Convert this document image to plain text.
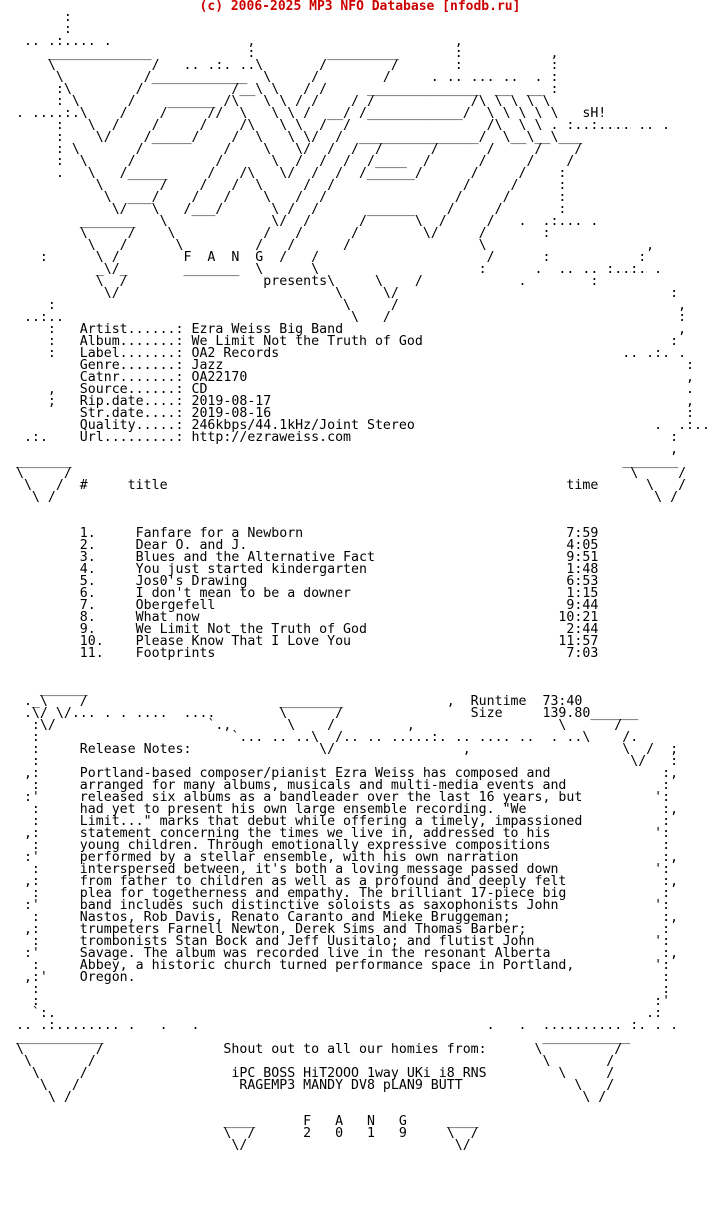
(c) 2006-2025 MP3 NFO Database [nfodb.ru]
:
:
.. .:.... .                 ,                         ,
_____________            :         _________       :           ,
\            /   .. .:. ..\       /        /       :           :
\          /____________  \     /        /     . .. ... ..  . :
:\        /           /__\ \   / /     ______________  __  __ :
: \      /    ______ /\   \ \ / /    / /            /\ \ \ \ \
. ....:.\    /    /     //  \   \ \ /  __/ /____________/  \ \ \ \ \   sH!
:   \  /    /     /    /\   \ \  /  /                 /\  \ \ . :..:.... .. .
:    \/    /_____/    /  \   \ \/  /  _______________/  \__\__\___
: \       /          /    \   \/  /  /  /      /      /     /    /
:  \     /          /      \  /  /  /  /____  /      /     /    /
.   \   /_____     /   /\   \/  /  /  /______/      /     /    :
\       /    /   /  \     /  /                /     /     :
\  ___/    /   /    \   /  /                /     /      :
\/   \   /___/      \ /  /      ______    /     /       :
_______   \             \/  /      /      \  /     /   .  .:... .
\     /    \           /   /      /        \/     /       :
\   /      \         /   /      /                \                    ,
:      \ /        F  A  N  G  /   /                     /      :           :
_\/_       _______  \      \                    :      .  .. .. :..:. .
\  /                 presents\     \    /            .        :
\/                           \     \/                                  :
:                                    \     /                                   ,
..:..                                    \   /                                    :
:   Artist......: Ezra Weiss Big Band                                          ,
:   Album.......: We Limit Not the Truth of God                               :
:   Label.......: OA2 Records                                           .. .:. .
Genre.......: Jazz                                                          :
Catnr.......: OA22170                                                       ,
,   Source......: CD                                                            .
;   Rip.date....: 2019-08-17                                                    ,
Str.date....: 2019-08-16                                                    :
Quality.....: 246kbps/44.1kHz/Joint Stereo                              .  .:..
.:.    Url.........: http://ezraweiss.com                                        :
,
_______                                                                     _______
\     /                                                                      \     /
\   /  #     title                                                  time      \   /
\ /                                                                           \ /

1.     Fanfare for a Newborn                                 7:59
2.     Dear O. and J.                                        4:05
3.     Blues and the Alternative Fact                        9:51
4.     You just started kindergarten                         1:48
5.     Jos0's Drawing                                        6:53
6.     I don't mean to be a downer                           1:15
7.     Obergefell                                            9:44
8.     What now                                             10:21
9.     We Limit Not the Truth of God                         2:44
10.    Please Know That I Love You                          11:57
11.    Footprints                                            7:03

______
._\    /                        ________             ,  Runtime  73:40
.\/ \/... . . ....  ....        \      /                Size     139.80______
:\/                   `.,       \    /         ,                  \      /
:                        `... .. ..\  /.. .. .....:. .. .... ..  . ..\    /.
:     Release Notes:                \/                ,                   \  /  ;
:                                                                          \/   :
,:     Portland-based composer/pianist Ezra Weiss has composed and              :,
:     arranged for many albums, musicals and multi-media events and            :
:'     released six albums as a bandleader over the last 16 years, but         ':
:     had yet to present his own large ensemble recording. "We                 :,
:     Limit..." marks that debut while offering a timely, impassioned          :
,:     statement concerning the times we live in, addressed to his             ':
:     young children. Through emotionally expressive compositions              :
:'     performed by a stellar ensemble, with his own narration                  :,
:     interspersed between, it's both a loving message passed down            ':
,:     from father to children as well as a profound and deeply felt            :,
:     plea for togetherness and empathy. The brilliant 17-piece big            :
:'     band includes such distinctive soloists as saxophonists John            ':
:     Nastos, Rob Davis, Renato Caranto and Mieke Bruggeman;                   :,
,:     trumpeters Farnell Newton, Derek Sims and Thomas Barber;                 :
:     trombonists Stan Bock and Jeff Uusitalo; and flutist John               ':
:'     Savage. The album was recorded live in the resonant Alberta              :,
:     Abbey, a historic church turned performance space in Portland,          ':
,:'    Oregon.                                                                  :
:                                                                              :
:                                                                             :'
`:.                                                                          .:
.. .:........ .   .   .                                    .   .  .......... :. . .
___________                                                       ___________
\         /               Shout out to all our homies from:      \         /
\       /                                                        \       /
\     /                  iPC BOSS HiT2OOO 1way UKi i8 RNS         \     /
\   /                    RAGEMP3 MANDY DV8 pLAN9 BUTT              \   /
\ /                                                                \ /

____      F   A   N   G     ____
\  /      2   0   1   9     \  /
\/                          \/
